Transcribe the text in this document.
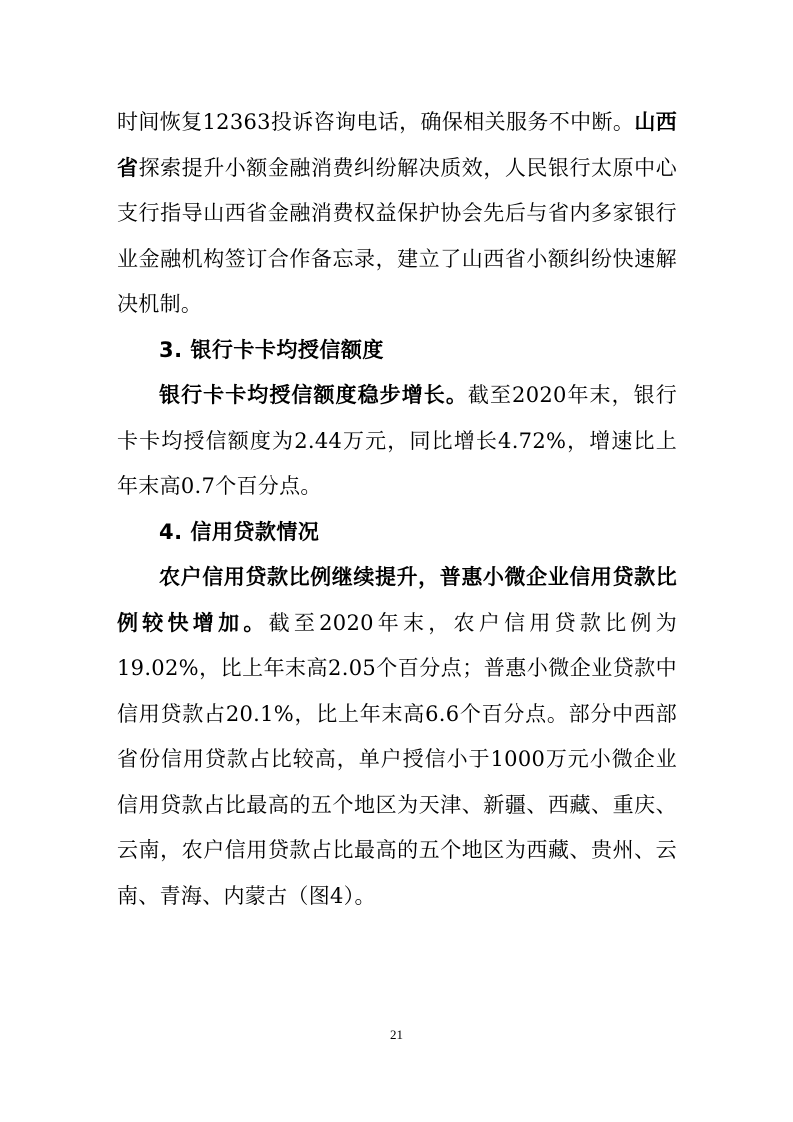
时间恢复12363投诉咨询电话，确保相关服务不中断。山西省探索提升小额金融消费纠纷解决质效，人民银行太原中心支行指导山西省金融消费权益保护协会先后与省内多家银行业金融机构签订合作备忘录，建立了山西省小额纠纷快速解决机制。

3. 银行卡卡均授信额度

银行卡卡均授信额度稳步增长。截至2020年末，银行卡卡均授信额度为2.44万元，同比增长4.72%，增速比上年末高0.7个百分点。

4. 信用贷款情况

农户信用贷款比例继续提升，普惠小微企业信用贷款比例较快增加。截至2020年末，农户信用贷款比例为19.02%，比上年末高2.05个百分点；普惠小微企业贷款中信用贷款占20.1%，比上年末高6.6个百分点。部分中西部省份信用贷款占比较高，单户授信小于1000万元小微企业信用贷款占比最高的五个地区为天津、新疆、西藏、重庆、云南，农户信用贷款占比最高的五个地区为西藏、贵州、云南、青海、内蒙古（图4）。

21
